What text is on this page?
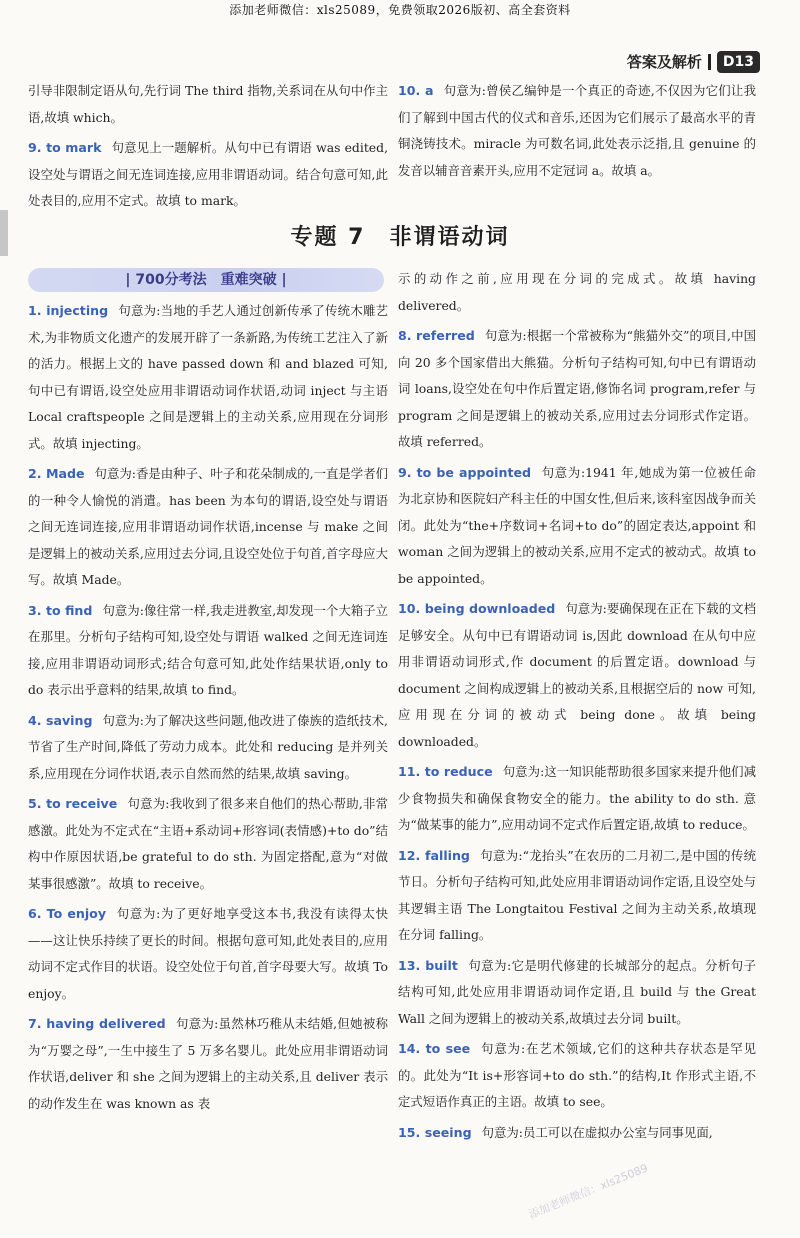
添加老师微信：xls25089，免费领取2026版初、高全套资料
答案及解析	D13
引导非限制定语从句,先行词 The third 指物,关系词在从句中作主语,故填 which。
9. to mark 句意见上一题解析。从句中已有谓语 was edited,设空处与谓语之间无连词连接,应用非谓语动词。结合句意可知,此处表目的,应用不定式。故填 to mark。
10. a 句意为:曾侯乙编钟是一个真正的奇迹,不仅因为它们让我们了解到中国古代的仪式和音乐,还因为它们展示了最高水平的青铜浇铸技术。miracle 为可数名词,此处表示泛指,且 genuine 的发音以辅音音素开头,应用不定冠词 a。故填 a。
专题 7　非谓语动词
| 700分考法　重难突破 |
1. injecting 句意为:当地的手艺人通过创新传承了传统木雕艺术,为非物质文化遗产的发展开辟了一条新路,为传统工艺注入了新的活力。根据上文的 have passed down 和 and blazed 可知,句中已有谓语,设空处应用非谓语动词作状语,动词 inject 与主语 Local craftspeople 之间是逻辑上的主动关系,应用现在分词形式。故填 injecting。
2. Made 句意为:香是由种子、叶子和花朵制成的,一直是学者们的一种令人愉悦的消遣。has been 为本句的谓语,设空处与谓语之间无连词连接,应用非谓语动词作状语,incense 与 make 之间是逻辑上的被动关系,应用过去分词,且设空处位于句首,首字母应大写。故填 Made。
3. to find 句意为:像往常一样,我走进教室,却发现一个大箱子立在那里。分析句子结构可知,设空处与谓语 walked 之间无连词连接,应用非谓语动词形式;结合句意可知,此处作结果状语,only to do 表示出乎意料的结果,故填 to find。
4. saving 句意为:为了解决这些问题,他改进了傣族的造纸技术,节省了生产时间,降低了劳动力成本。此处和 reducing 是并列关系,应用现在分词作状语,表示自然而然的结果,故填 saving。
5. to receive 句意为:我收到了很多来自他们的热心帮助,非常感激。此处为不定式在“主语+系动词+形容词(表情感)+to do”结构中作原因状语,be grateful to do sth. 为固定搭配,意为“对做某事很感激”。故填 to receive。
6. To enjoy 句意为:为了更好地享受这本书,我没有读得太快——这让快乐持续了更长的时间。根据句意可知,此处表目的,应用动词不定式作目的状语。设空处位于句首,首字母要大写。故填 To enjoy。
7. having delivered 句意为:虽然林巧稚从未结婚,但她被称为“万婴之母”,一生中接生了 5 万多名婴儿。此处应用非谓语动词作状语,deliver 和 she 之间为逻辑上的主动关系,且 deliver 表示的动作发生在 was known as 表
示的动作之前,应用现在分词的完成式。故填 having delivered。
8. referred 句意为:根据一个常被称为“熊猫外交”的项目,中国向 20 多个国家借出大熊猫。分析句子结构可知,句中已有谓语动词 loans,设空处在句中作后置定语,修饰名词 program,refer 与 program 之间是逻辑上的被动关系,应用过去分词形式作定语。故填 referred。
9. to be appointed 句意为:1941 年,她成为第一位被任命为北京协和医院妇产科主任的中国女性,但后来,该科室因战争而关闭。此处为“the+序数词+名词+to do”的固定表达,appoint 和 woman 之间为逻辑上的被动关系,应用不定式的被动式。故填 to be appointed。
10. being downloaded 句意为:要确保现在正在下载的文档足够安全。从句中已有谓语动词 is,因此 download 在从句中应用非谓语动词形式,作 document 的后置定语。download 与 document 之间构成逻辑上的被动关系,且根据空后的 now 可知,应用现在分词的被动式 being done。故填 being downloaded。
11. to reduce 句意为:这一知识能帮助很多国家来提升他们减少食物损失和确保食物安全的能力。the ability to do sth. 意为“做某事的能力”,应用动词不定式作后置定语,故填 to reduce。
12. falling 句意为:“龙抬头”在农历的二月初二,是中国的传统节日。分析句子结构可知,此处应用非谓语动词作定语,且设空处与其逻辑主语 The Longtaitou Festival 之间为主动关系,故填现在分词 falling。
13. built 句意为:它是明代修建的长城部分的起点。分析句子结构可知,此处应用非谓语动词作定语,且 build 与 the Great Wall 之间为逻辑上的被动关系,故填过去分词 built。
14. to see 句意为:在艺术领域,它们的这种共存状态是罕见的。此处为“It is+形容词+to do sth.”的结构,It 作形式主语,不定式短语作真正的主语。故填 to see。
15. seeing 句意为:员工可以在虚拟办公室与同事见面,
添加老师微信：xls25089
